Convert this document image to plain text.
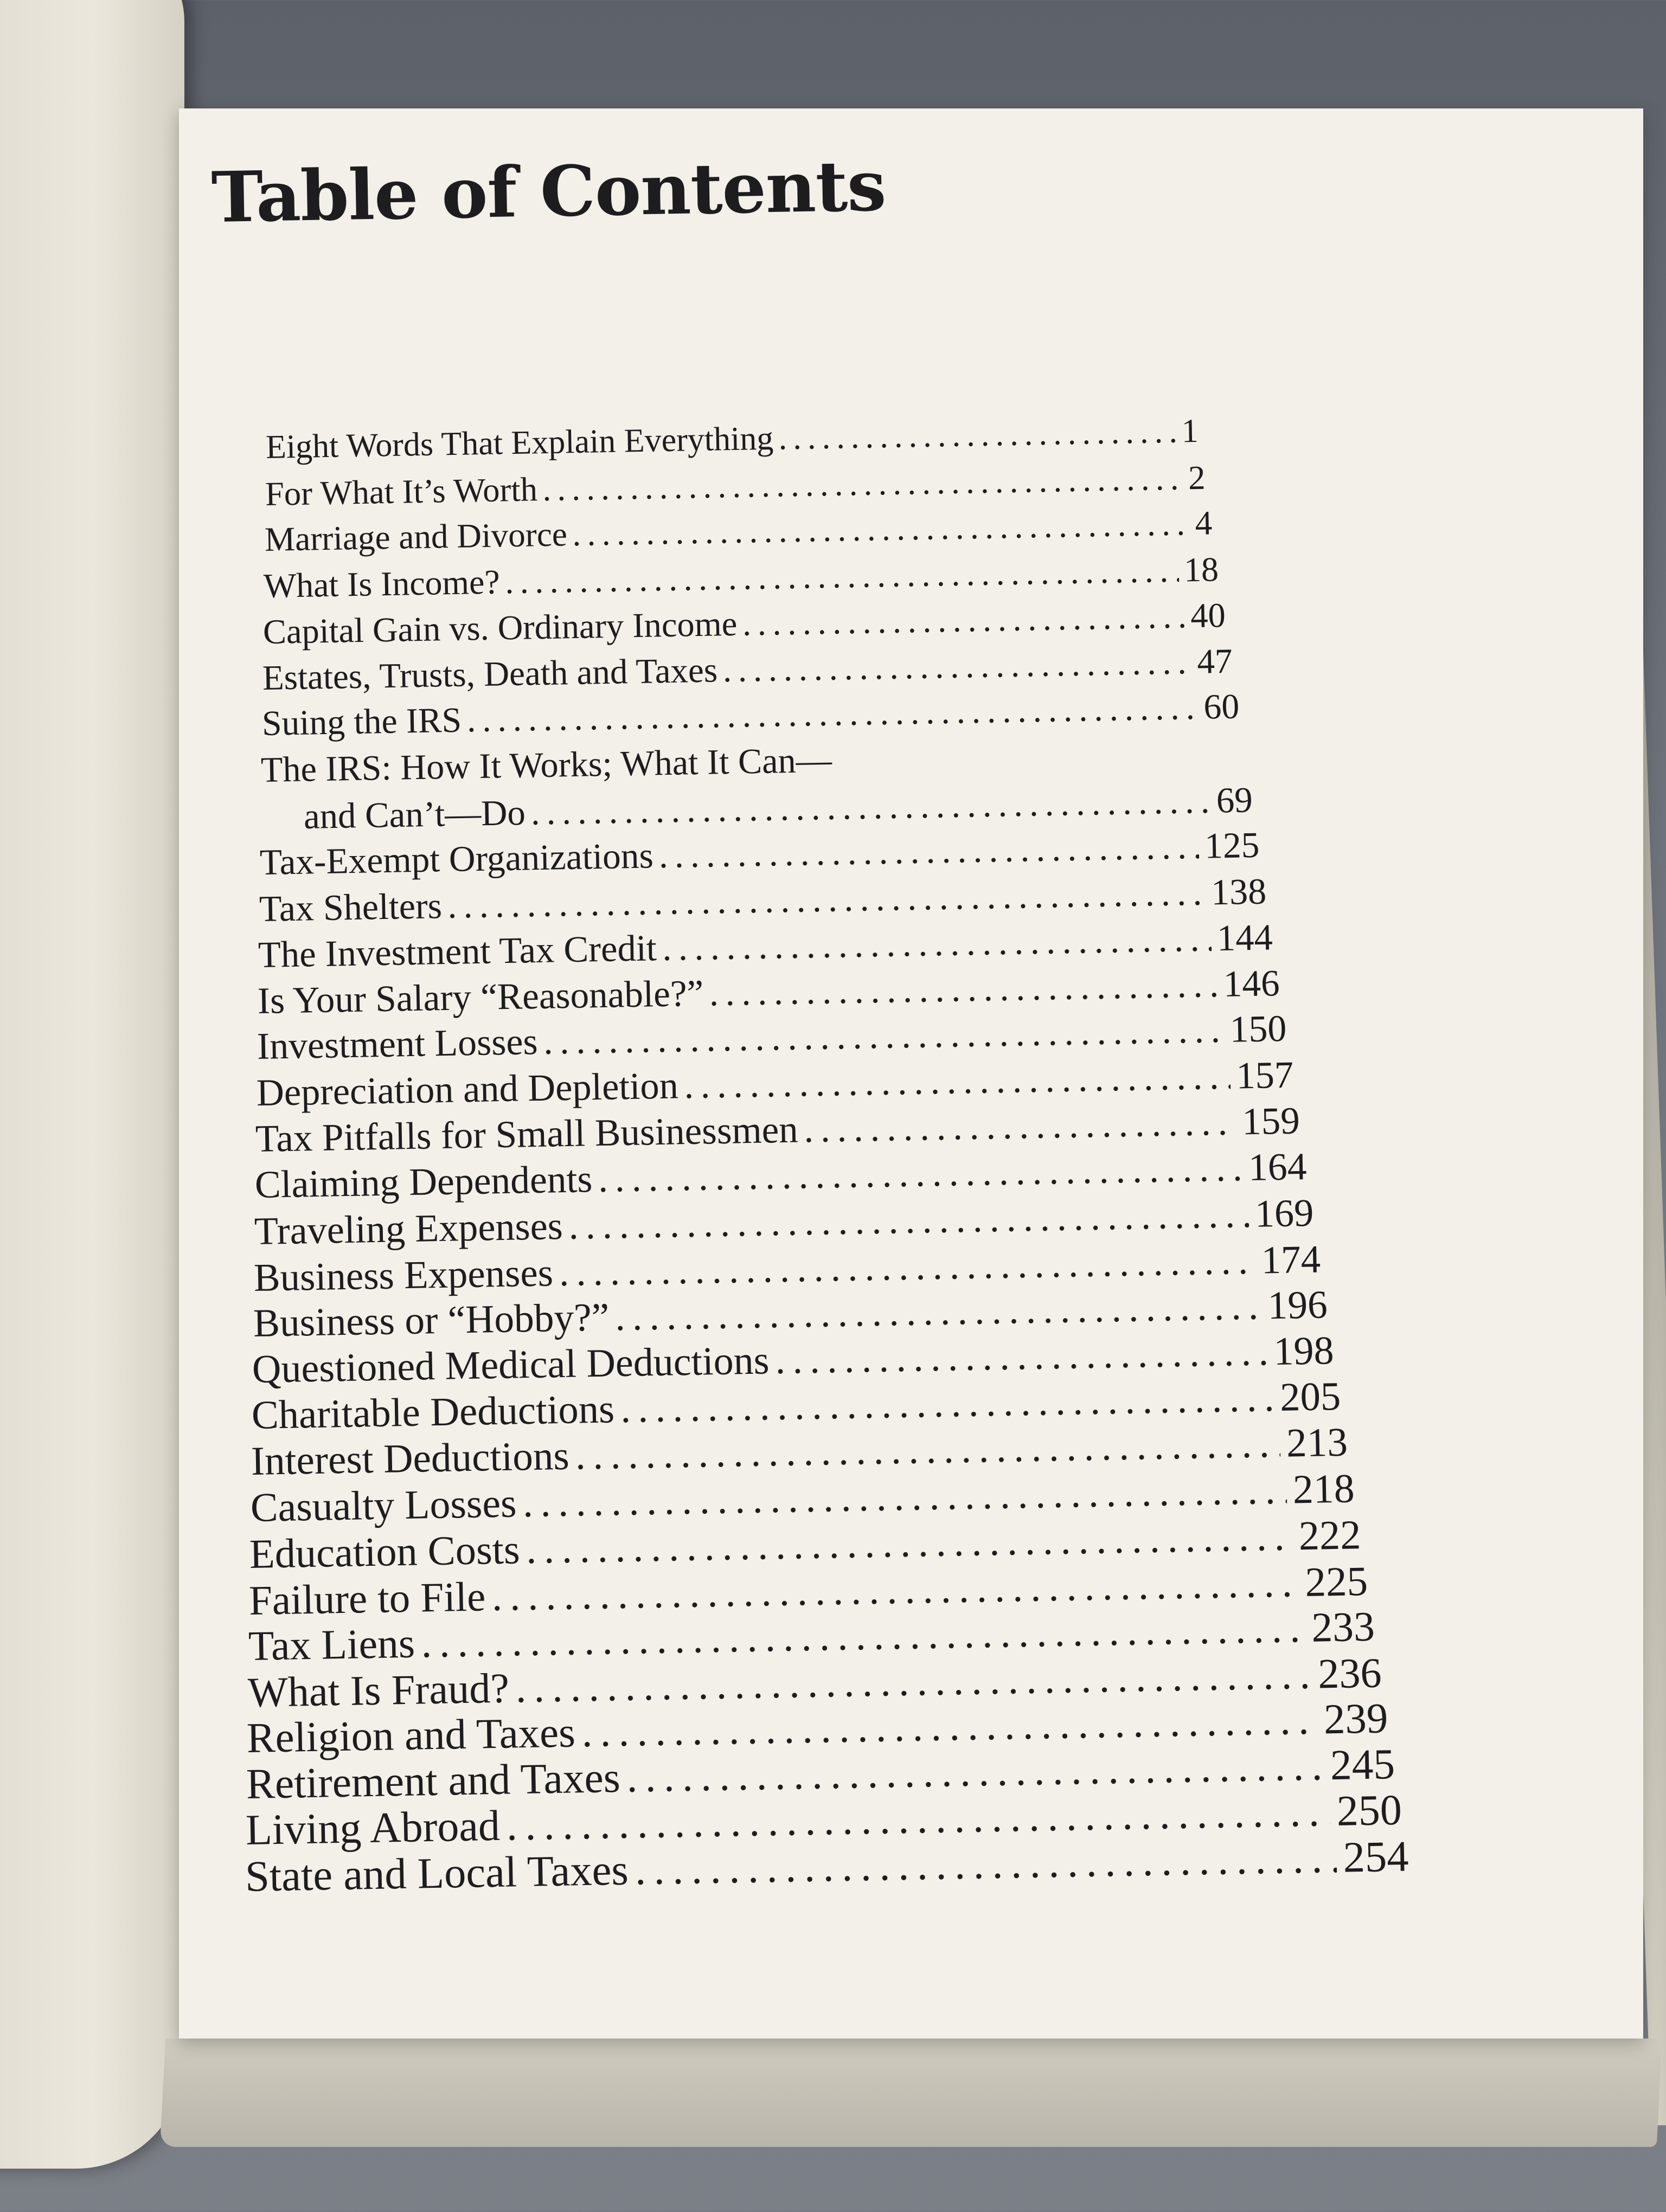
Table of Contents
Eight Words That Explain Everything .....	1
For What It’s Worth .....	2
Marriage and Divorce .....	4
What Is Income? .....	18
Capital Gain vs. Ordinary Income .....	40
Estates, Trusts, Death and Taxes .....	47
Suing the IRS .....	60
The IRS: How It Works; What It Can—
and Can’t—Do .....	69
Tax-Exempt Organizations .....	125
Tax Shelters .....	138
The Investment Tax Credit .....	144
Is Your Salary “Reasonable?” .....	146
Investment Losses .....	150
Depreciation and Depletion .....	157
Tax Pitfalls for Small Businessmen .....	159
Claiming Dependents .....	164
Traveling Expenses .....	169
Business Expenses .....	174
Business or “Hobby?” .....	196
Questioned Medical Deductions .....	198
Charitable Deductions .....	205
Interest Deductions .....	213
Casualty Losses .....	218
Education Costs .....	222
Failure to File .....	225
Tax Liens .....	233
What Is Fraud? .....	236
Religion and Taxes .....	239
Retirement and Taxes .....	245
Living Abroad .....	250
State and Local Taxes .....	254
